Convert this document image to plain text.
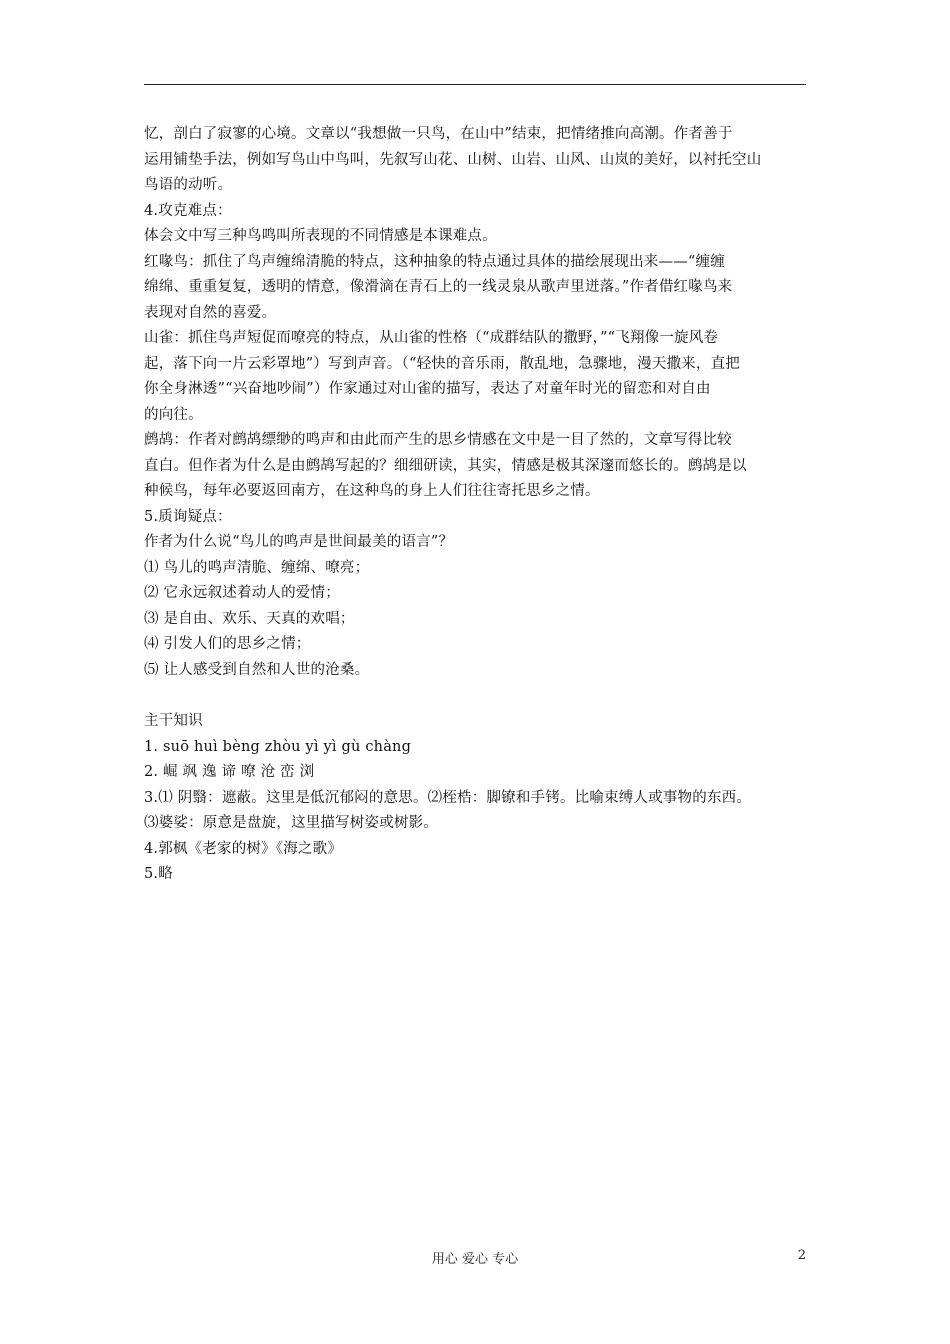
忆，剖白了寂寥的心境。文章以“我想做一只鸟，在山中”结束，把情绪推向高潮。作者善于

运用铺垫手法，例如写鸟山中鸟叫，先叙写山花、山树、山岩、山风、山岚的美好，以衬托空山

鸟语的动听。

4.攻克难点：

体会文中写三种鸟鸣叫所表现的不同情感是本课难点。

红喙鸟：抓住了鸟声缠绵清脆的特点，这种抽象的特点通过具体的描绘展现出来——“缠缠

绵绵、重重复复，透明的情意，像滑滴在青石上的一线灵泉从歌声里迸落。”作者借红喙鸟来

表现对自然的喜爱。

山雀：抓住鸟声短促而嘹亮的特点，从山雀的性格（“成群结队的撒野，”“飞翔像一旋风卷

起，落下向一片云彩罩地”）写到声音。（“轻快的音乐雨，散乱地，急骤地，漫天撒来，直把

你全身淋透”“兴奋地吵闹”）作家通过对山雀的描写，表达了对童年时光的留恋和对自由

的向往。

鹧鸪：作者对鹧鸪缥缈的鸣声和由此而产生的思乡情感在文中是一目了然的，文章写得比较

直白。但作者为什么是由鹧鸪写起的？细细研读，其实，情感是极其深邃而悠长的。鹧鸪是以

种候鸟，每年必要返回南方，在这种鸟的身上人们往往寄托思乡之情。

5.质询疑点：

作者为什么说“鸟儿的鸣声是世间最美的语言”？

⑴ 鸟儿的鸣声清脆、缠绵、嘹亮；

⑵ 它永远叙述着动人的爱情；

⑶ 是自由、欢乐、天真的欢唱；

⑷ 引发人们的思乡之情；

⑸ 让人感受到自然和人世的沧桑。

主干知识

1. suō huì bèng zhòu yì yì gù chàng

2. 崛 飒 逸 谛 嘹 沧 峦 浏

3.⑴ 阴翳：遮蔽。这里是低沉郁闷的意思。⑵桎梏：脚镣和手铐。比喻束缚人或事物的东西。

⑶婆娑：原意是盘旋，这里描写树姿或树影。

4.郭枫《老家的树》《海之歌》

5.略

用心 爱心 专心	2
